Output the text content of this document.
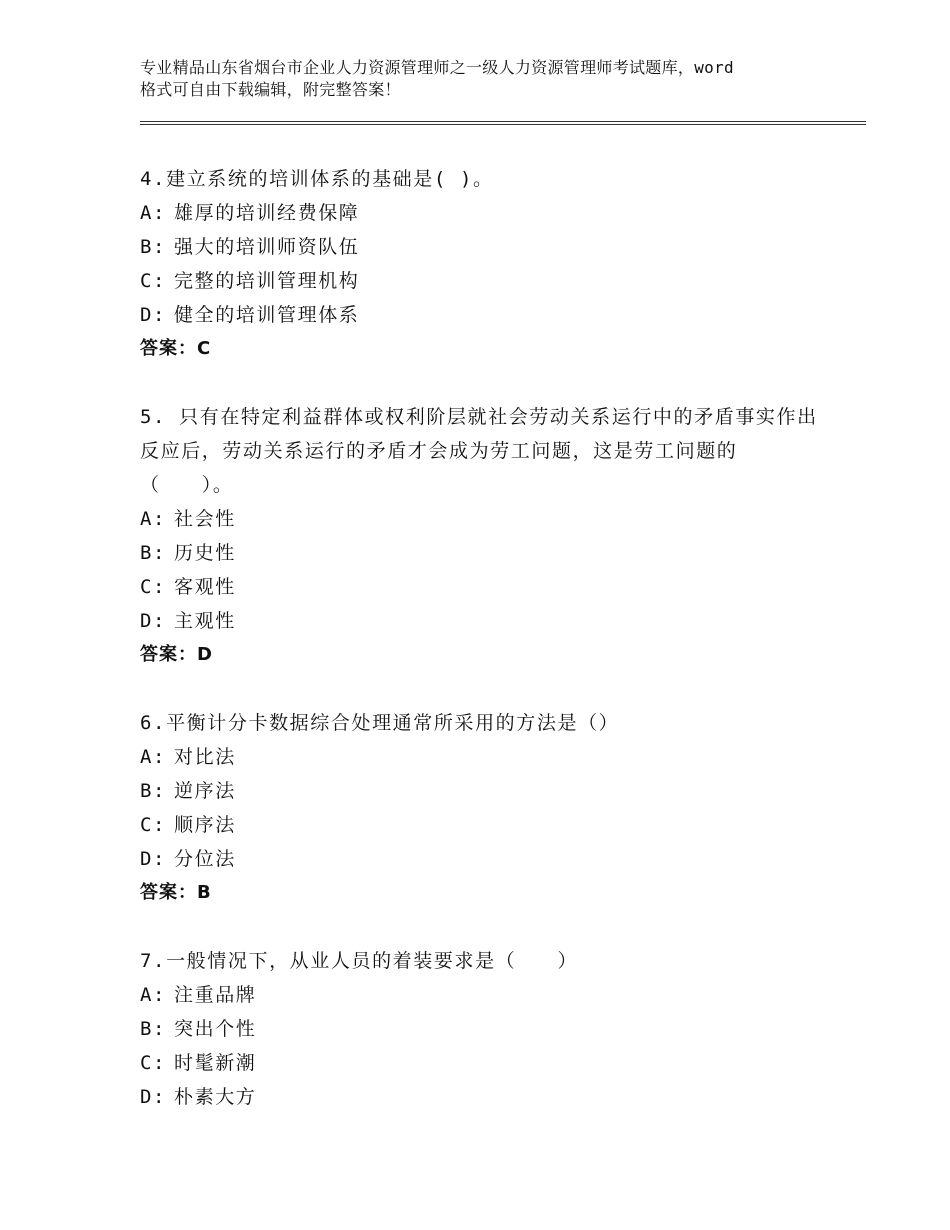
专业精品山东省烟台市企业人力资源管理师之一级人力资源管理师考试题库，word
格式可自由下载编辑，附完整答案！
4.建立系统的培训体系的基础是( )。
A: 雄厚的培训经费保障
B: 强大的培训师资队伍
C: 完整的培训管理机构
D: 健全的培训管理体系
答案：C
5. 只有在特定利益群体或权利阶层就社会劳动关系运行中的矛盾事实作出反应后，劳动关系运行的矛盾才会成为劳工问题，这是劳工问题的（　　）。
A: 社会性
B: 历史性
C: 客观性
D: 主观性
答案：D
6.平衡计分卡数据综合处理通常所采用的方法是（）
A: 对比法
B: 逆序法
C: 顺序法
D: 分位法
答案：B
7.一般情况下，从业人员的着装要求是（　　）
A: 注重品牌
B: 突出个性
C: 时髦新潮
D: 朴素大方
